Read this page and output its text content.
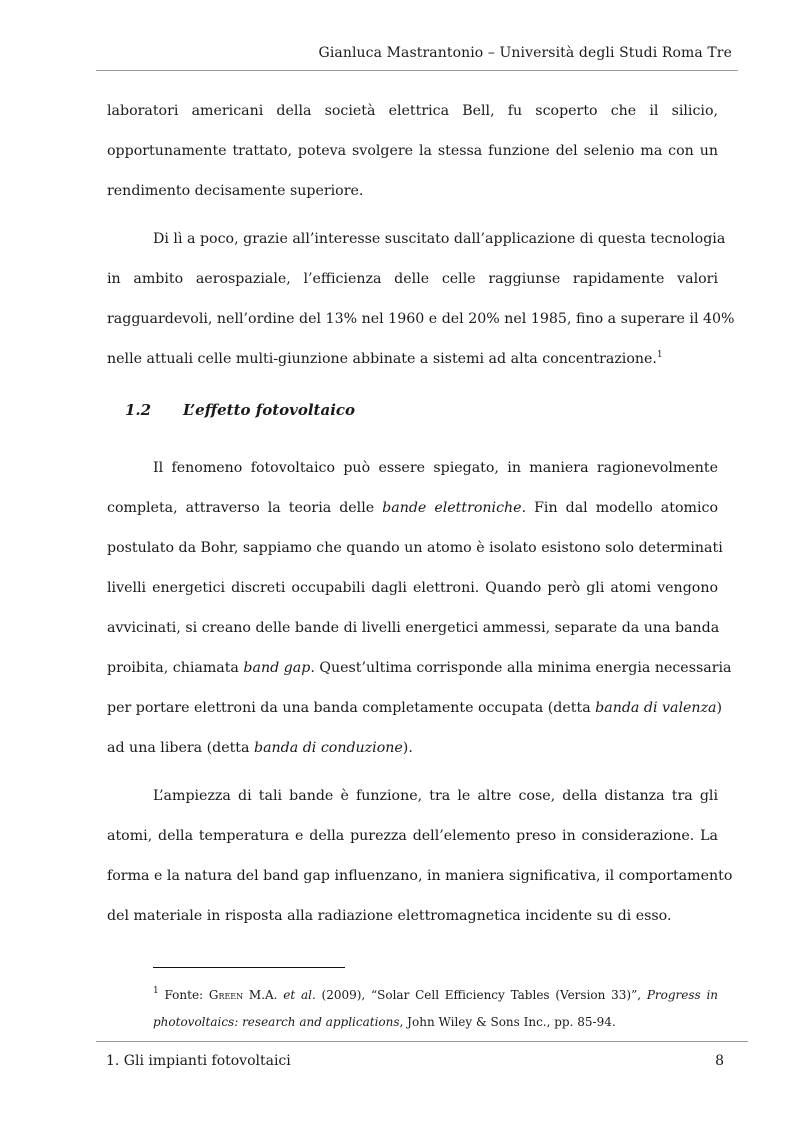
Gianluca Mastrantonio – Università degli Studi Roma Tre
laboratori americani della società elettrica Bell, fu scoperto che il silicio,
opportunamente trattato, poteva svolgere la stessa funzione del selenio ma con un
rendimento decisamente superiore.
Di lì a poco, grazie all’interesse suscitato dall’applicazione di questa tecnologia
in ambito aerospaziale, l’efficienza delle celle raggiunse rapidamente valori
ragguardevoli, nell’ordine del 13% nel 1960 e del 20% nel 1985, fino a superare il 40%
nelle attuali celle multi-giunzione abbinate a sistemi ad alta concentrazione.$^1$
1.2 L’effetto fotovoltaico
Il fenomeno fotovoltaico può essere spiegato, in maniera ragionevolmente
completa, attraverso la teoria delle bande elettroniche. Fin dal modello atomico
postulato da Bohr, sappiamo che quando un atomo è isolato esistono solo determinati
livelli energetici discreti occupabili dagli elettroni. Quando però gli atomi vengono
avvicinati, si creano delle bande di livelli energetici ammessi, separate da una banda
proibita, chiamata band gap. Quest’ultima corrisponde alla minima energia necessaria
per portare elettroni da una banda completamente occupata (detta banda di valenza)
ad una libera (detta banda di conduzione).
L’ampiezza di tali bande è funzione, tra le altre cose, della distanza tra gli
atomi, della temperatura e della purezza dell’elemento preso in considerazione. La
forma e la natura del band gap influenzano, in maniera significativa, il comportamento
del materiale in risposta alla radiazione elettromagnetica incidente su di esso.
$^1$ Fonte: Green M.A. et al. (2009), “Solar Cell Efficiency Tables (Version 33)”, Progress in
photovoltaics: research and applications, John Wiley & Sons Inc., pp. 85-94.
1. Gli impianti fotovoltaici	8
